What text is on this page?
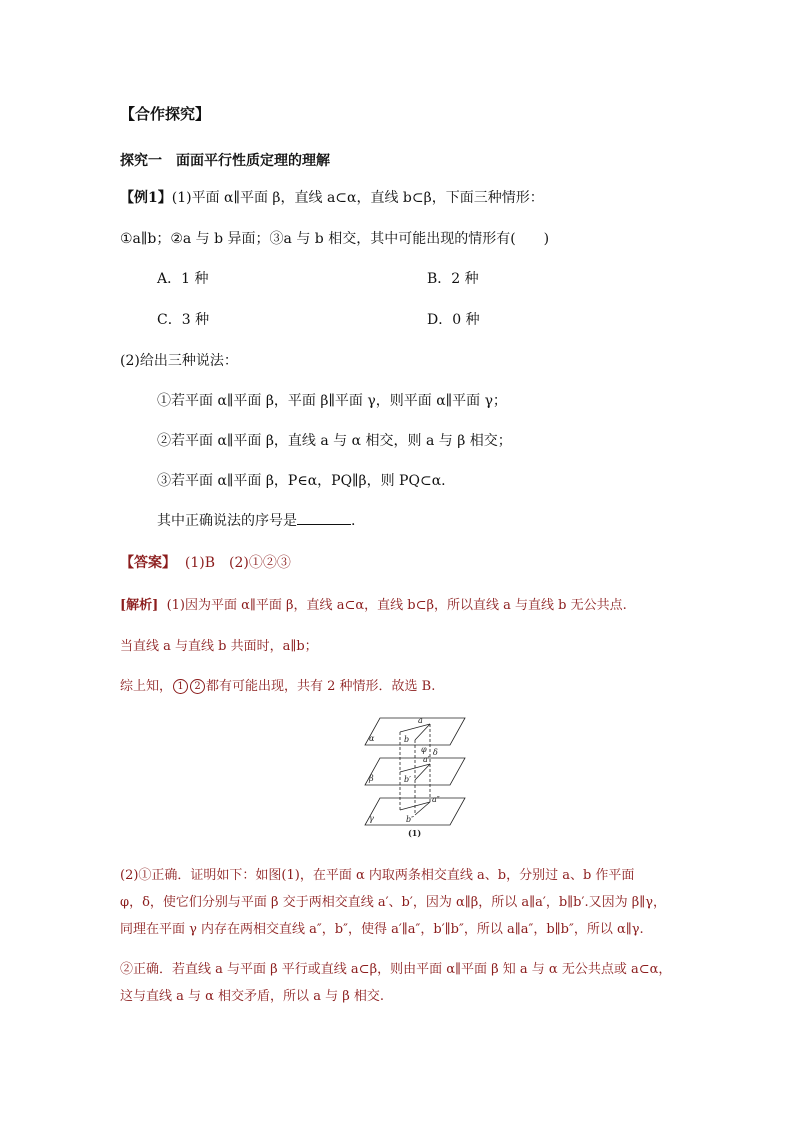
【合作探究】
探究一　面面平行性质定理的理解
【例1】(1)平面 α∥平面 β，直线 a⊂α，直线 b⊂β，下面三种情形：
①a∥b；②a 与 b 异面；③a 与 b 相交，其中可能出现的情形有(　　)
A．1 种	B．2 种
C．3 种	D．0 种
(2)给出三种说法：
①若平面 α∥平面 β，平面 β∥平面 γ，则平面 α∥平面 γ；
②若平面 α∥平面 β，直线 a 与 α 相交，则 a 与 β 相交；
③若平面 α∥平面 β，P∈α，PQ∥β，则 PQ⊂α.
其中正确说法的序号是	.
【答案】 (1)B　(2)①②③
[解析] (1)因为平面 α∥平面 β，直线 a⊂α，直线 b⊂β，所以直线 a 与直线 b 无公共点.
当直线 a 与直线 b 共面时，a∥b；
综上知， 1 2 都有可能出现，共有 2 种情形．故选 B.
α
β
γ
a
b
φ δ
a′
b′
a″
b″
(1)
(2)①正确．证明如下：如图(1)，在平面 α 内取两条相交直线 a、b，分别过 a、b 作平面
φ，δ，使它们分别与平面 β 交于两相交直线 a′、b′，因为 α∥β，所以 a∥a′，b∥b′.又因为 β∥γ，
同理在平面 γ 内存在两相交直线 a″，b″，使得 a′∥a″，b′∥b″，所以 a∥a″，b∥b″，所以 α∥γ.
②正确．若直线 a 与平面 β 平行或直线 a⊂β，则由平面 α∥平面 β 知 a 与 α 无公共点或 a⊂α，
这与直线 a 与 α 相交矛盾，所以 a 与 β 相交.
